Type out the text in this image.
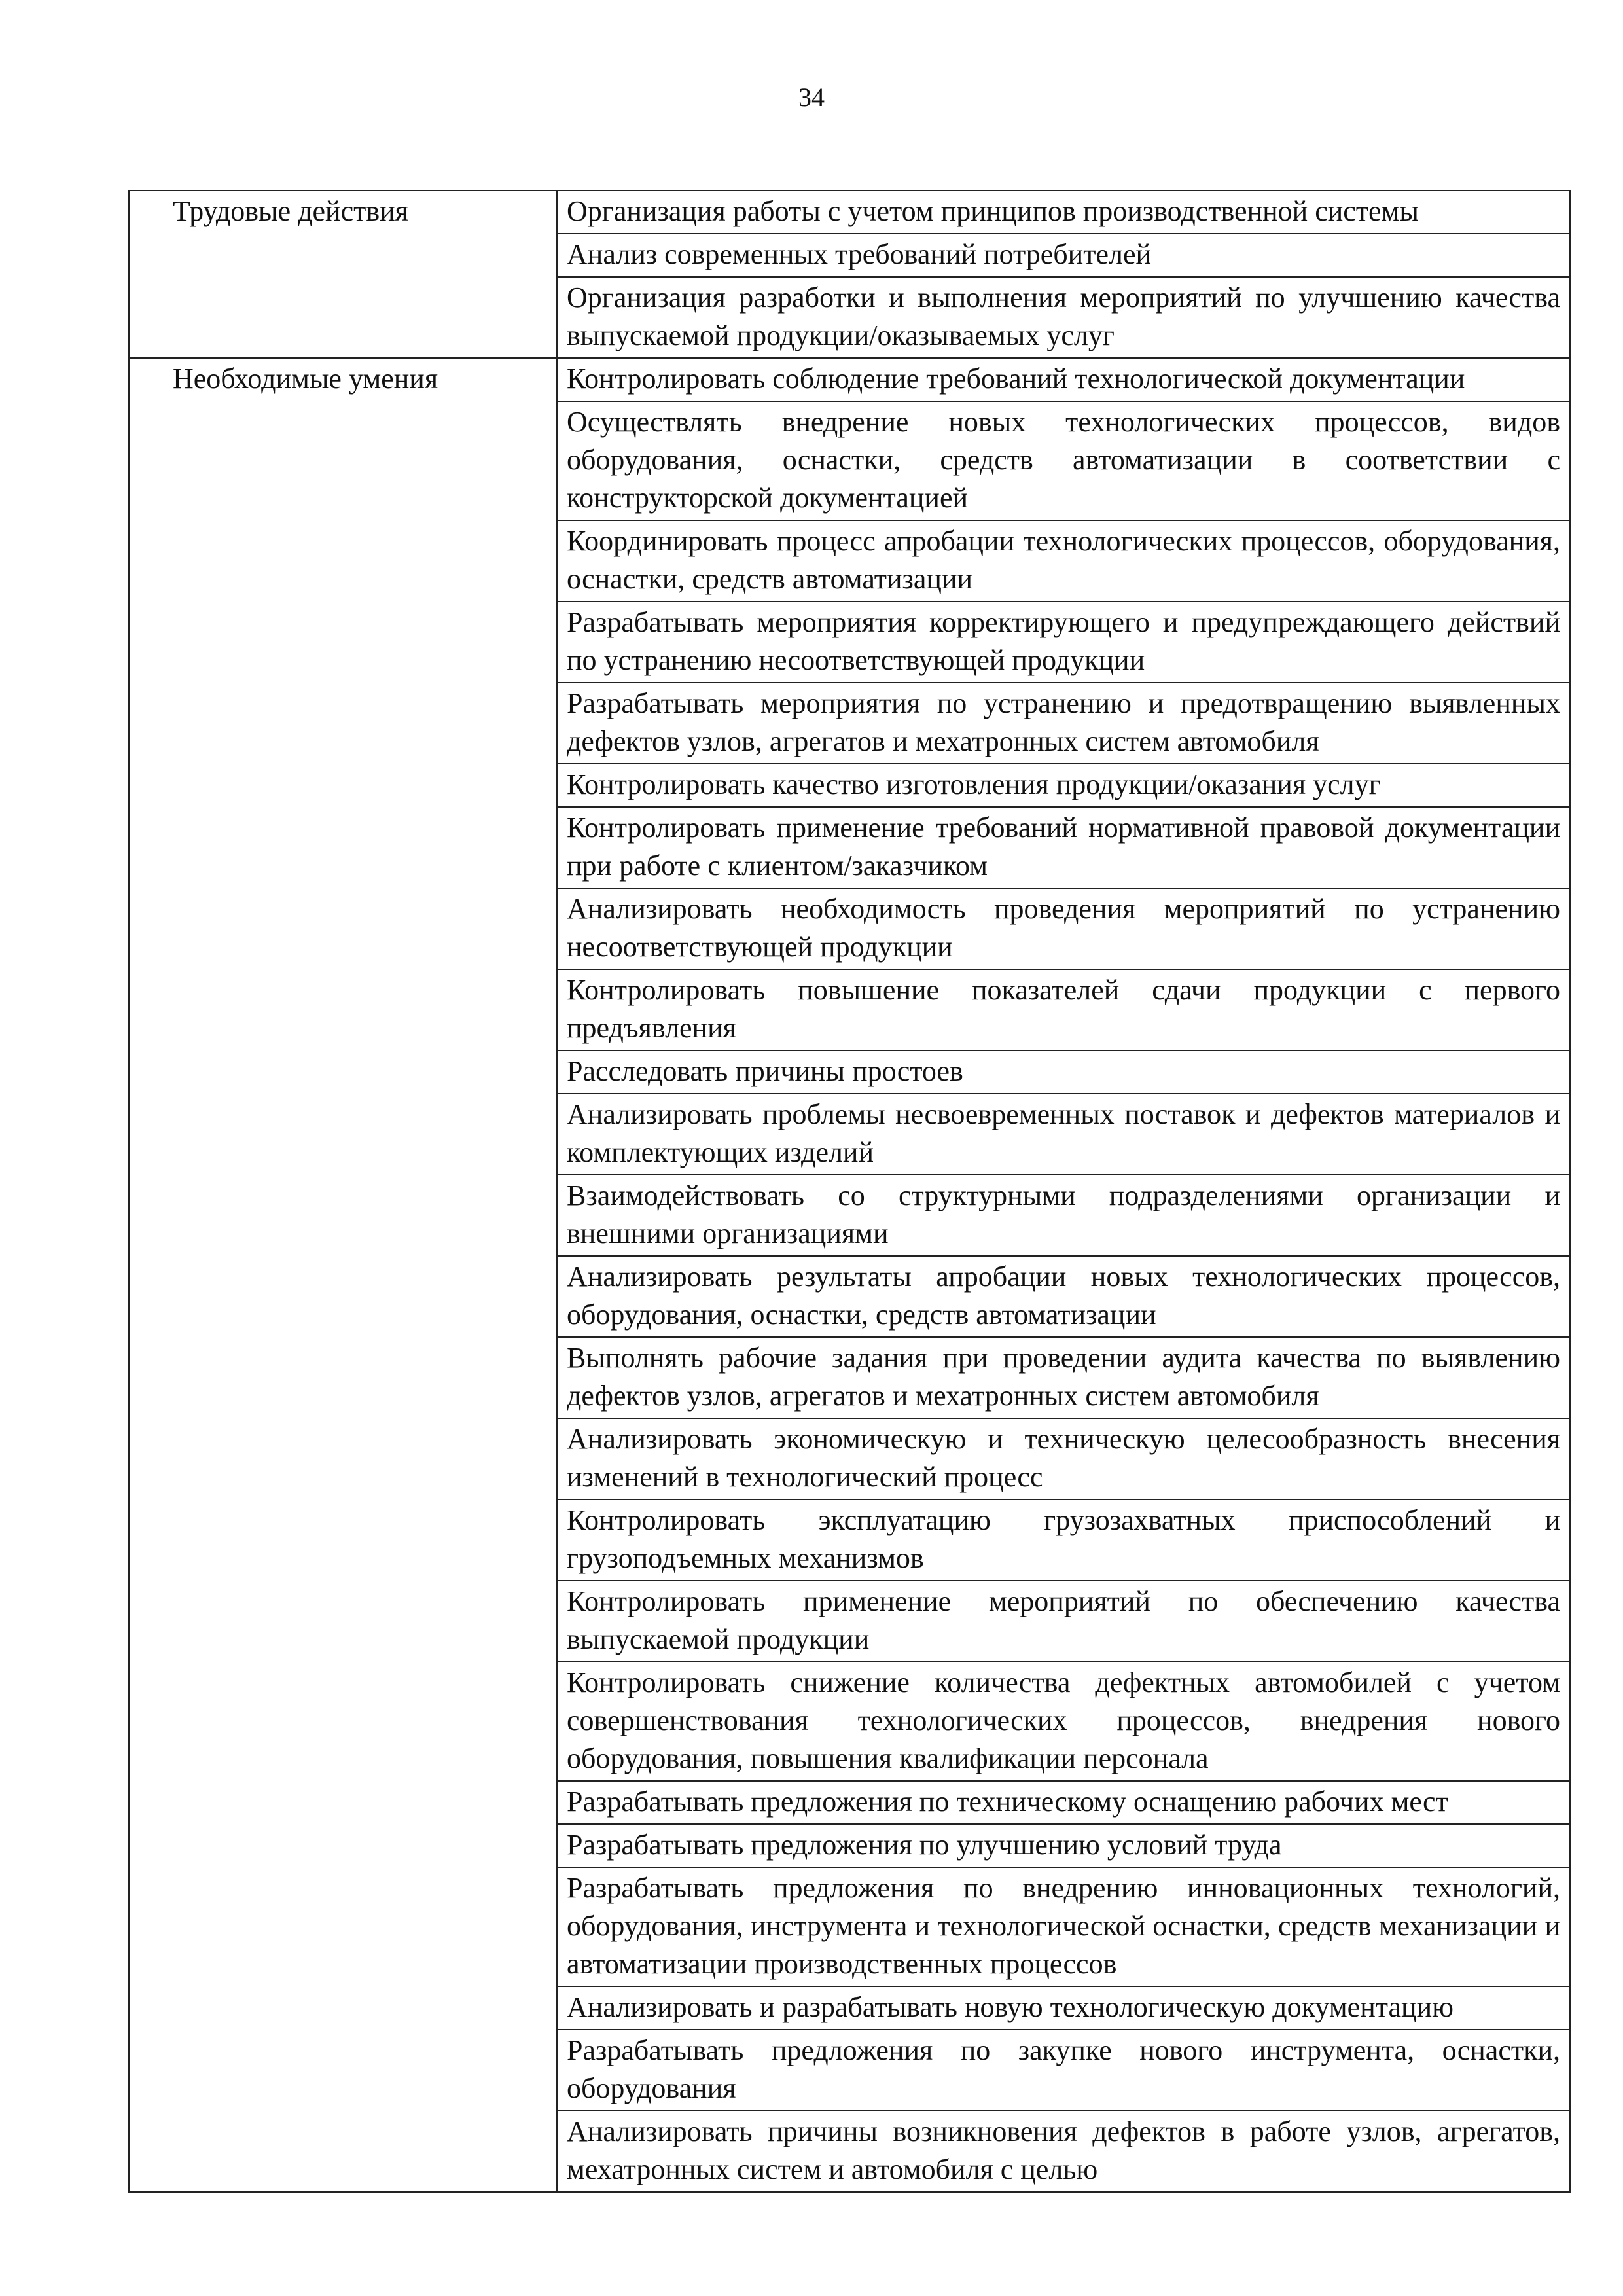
34
Трудовые действия	Организация работы с учетом принципов производственной системы
	Анализ современных требований потребителей
	Организация разработки и выполнения мероприятий по улучшению качества выпускаемой продукции/оказываемых услуг
Необходимые умения	Контролировать соблюдение требований технологической документации
	Осуществлять внедрение новых технологических процессов, видов оборудования, оснастки, средств автоматизации в соответствии с конструкторской документацией
	Координировать процесс апробации технологических процессов, оборудования, оснастки, средств автоматизации
	Разрабатывать мероприятия корректирующего и предупреждающего действий по устранению несоответствующей продукции
	Разрабатывать мероприятия по устранению и предотвращению выявленных дефектов узлов, агрегатов и мехатронных систем автомобиля
	Контролировать качество изготовления продукции/оказания услуг
	Контролировать применение требований нормативной правовой документации при работе с клиентом/заказчиком
	Анализировать необходимость проведения мероприятий по устранению несоответствующей продукции
	Контролировать повышение показателей сдачи продукции с первого предъявления
	Расследовать причины простоев
	Анализировать проблемы несвоевременных поставок и дефектов материалов и комплектующих изделий
	Взаимодействовать со структурными подразделениями организации и внешними организациями
	Анализировать результаты апробации новых технологических процессов, оборудования, оснастки, средств автоматизации
	Выполнять рабочие задания при проведении аудита качества по выявлению дефектов узлов, агрегатов и мехатронных систем автомобиля
	Анализировать экономическую и техническую целесообразность внесения изменений в технологический процесс
	Контролировать эксплуатацию грузозахватных приспособлений и грузоподъемных механизмов
	Контролировать применение мероприятий по обеспечению качества выпускаемой продукции
	Контролировать снижение количества дефектных автомобилей с учетом совершенствования технологических процессов, внедрения нового оборудования, повышения квалификации персонала
	Разрабатывать предложения по техническому оснащению рабочих мест
	Разрабатывать предложения по улучшению условий труда
	Разрабатывать предложения по внедрению инновационных технологий, оборудования, инструмента и технологической оснастки, средств механизации и автоматизации производственных процессов
	Анализировать и разрабатывать новую технологическую документацию
	Разрабатывать предложения по закупке нового инструмента, оснастки, оборудования
	Анализировать причины возникновения дефектов в работе узлов, агрегатов, мехатронных систем и автомобиля с целью
